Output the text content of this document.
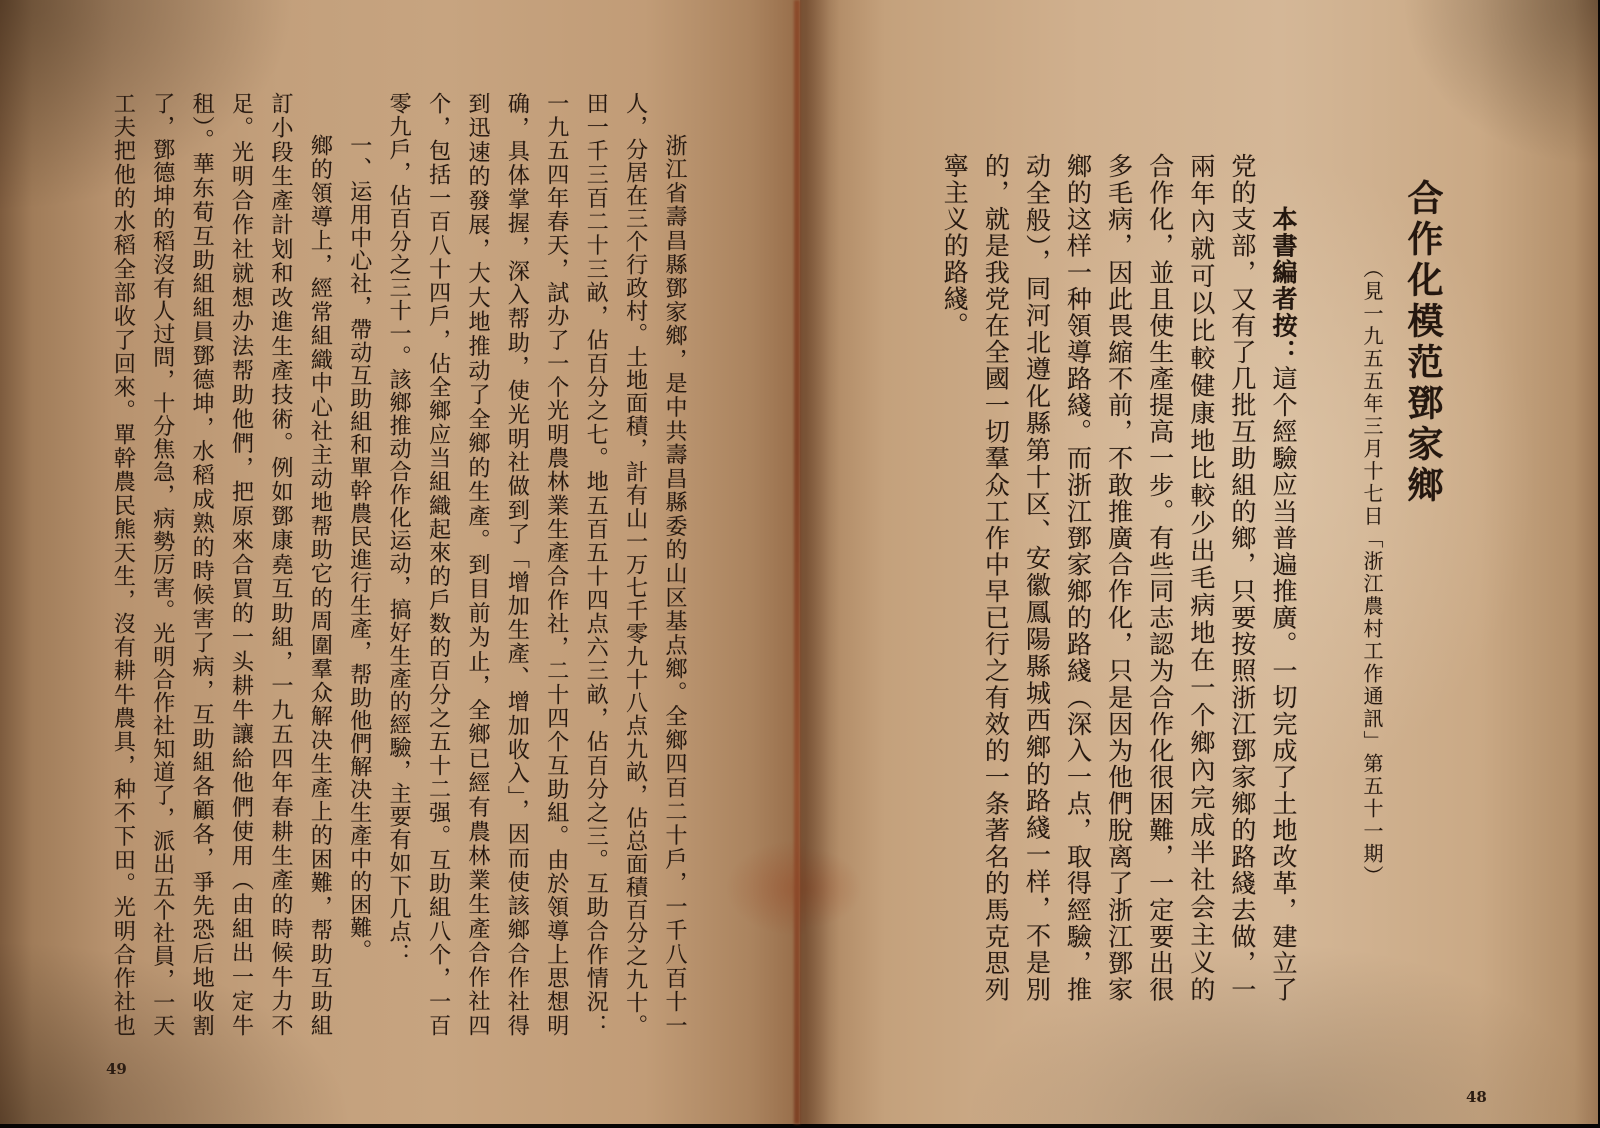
浙江省壽昌縣鄧家鄉，是中共壽昌縣委的山区基点鄉。全鄉四百二十戶，一千八百十一

人，分居在三个行政村。土地面積，計有山一万七千零九十八点九畝，佔总面積百分之九十。

田一千三百二十三畝，佔百分之七。地五百五十四点六三畝，佔百分之三。互助合作情況：

一九五四年春天，試办了一个光明農林業生產合作社，二十四个互助組。由於領導上思想明

确，具体掌握，深入帮助，使光明社做到了「增加生產、增加收入」，因而使該鄉合作社得

到迅速的發展，大大地推动了全鄉的生產。到目前为止，全鄉已經有農林業生產合作社四

个，包括一百八十四戶，佔全鄉应当組織起來的戶数的百分之五十二强。互助組八个，一百

零九戶，佔百分之三十一。該鄉推动合作化运动，搞好生產的經驗，主要有如下几点：

一、运用中心社，帶动互助組和單幹農民進行生產，帮助他們解决生產中的困難。

鄉的領導上，經常組織中心社主动地帮助它的周圍羣众解决生產上的困難，帮助互助組

訂小段生產計划和改進生產技術。例如鄧康堯互助組，一九五四年春耕生產的時候牛力不

足。光明合作社就想办法帮助他們，把原來合買的一头耕牛讓給他們使用（由組出一定牛

租）。華东荀互助組組員鄧德坤，水稻成熟的時候害了病，互助組各顧各，爭先恐后地收割

了，鄧德坤的稻沒有人过問，十分焦急，病勢厉害。光明合作社知道了，派出五个社員，一天

工夫把他的水稻全部收了回來。單幹農民熊天生，沒有耕牛農具，种不下田。光明合作社也

49

合作化模范鄧家鄉

（見一九五五年三月十七日「浙江農村工作通訊」第五十一期）

本書編者按：這个經驗应当普遍推廣。一切完成了土地改革，建立了

党的支部，又有了几批互助組的鄉，只要按照浙江鄧家鄉的路綫去做，一

兩年內就可以比較健康地比較少出毛病地在一个鄉內完成半社会主义的

合作化，並且使生產提高一步。有些同志認为合作化很困難，一定要出很

多毛病，因此畏縮不前，不敢推廣合作化，只是因为他們脫离了浙江鄧家

鄉的这样一种領導路綫。而浙江鄧家鄉的路綫（深入一点，取得經驗，推

动全般），同河北遵化縣第十区、安徽鳳陽縣城西鄉的路綫一样，不是別

的，就是我党在全國一切羣众工作中早已行之有效的一条著名的馬克思列

寧主义的路綫。

48
